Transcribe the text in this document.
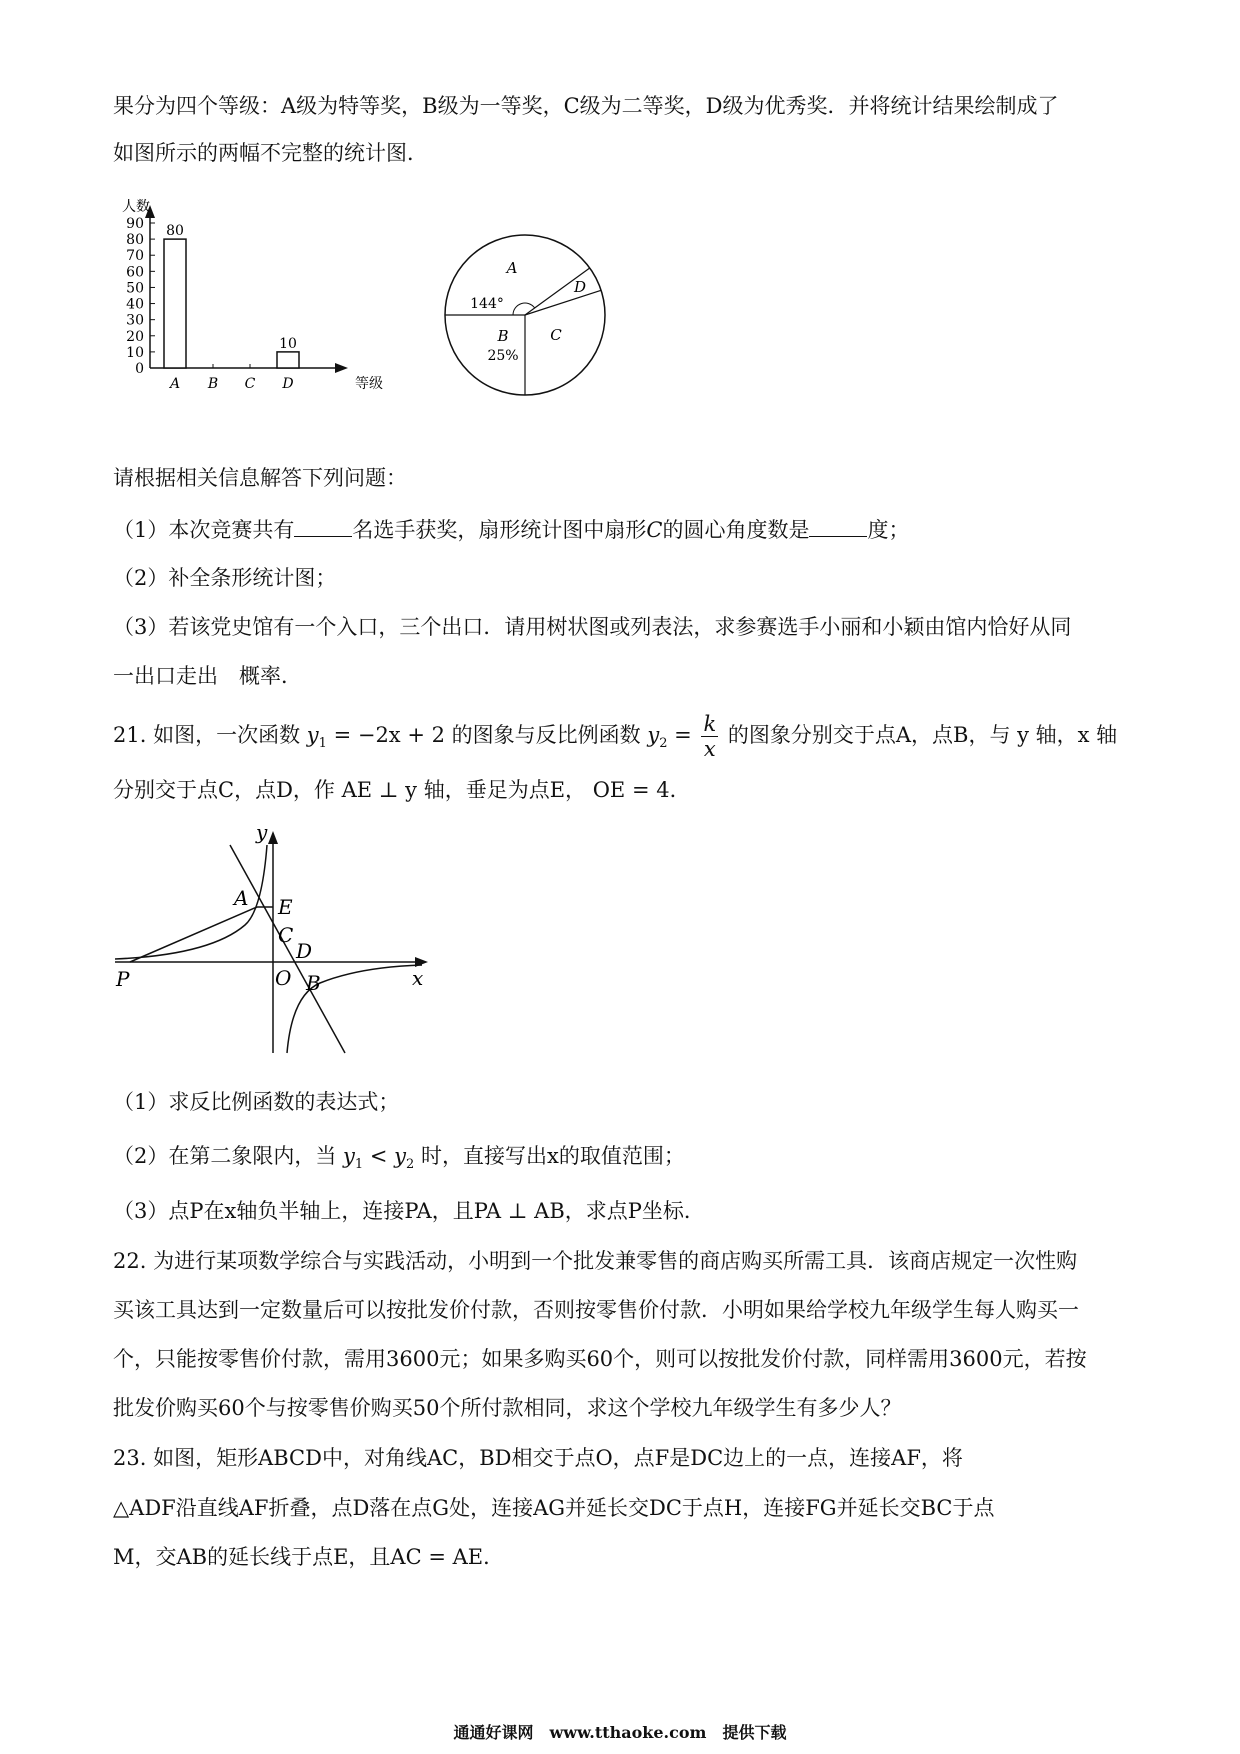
果分为四个等级：A级为特等奖，B级为一等奖，C级为二等奖，D级为优秀奖．并将统计结果绘制成了
如图所示的两幅不完整的统计图．
0
10
20
30
40
50
60
70
80
90
人数
等级
A
80
B C D
10
A
B	C
D
144°
25%
请根据相关信息解答下列问题：
（1）本次竞赛共有	名选手获奖，扇形统计图中扇形C的圆心角度数是	度；
（2）补全条形统计图；
（3）若该党史馆有一个入口，三个出口．请用树状图或列表法，求参赛选手小丽和小颖由馆内恰好从同
一出口走出　概率．
21. 如图，一次函数 $y_1 = -2x + 2$ 的图象与反比例函数 $y_2 = \frac{k}{x}$ 的图象分别交于点A，点B，与 y 轴，x 轴
分别交于点C，点D，作 AE ⊥ y 轴，垂足为点E， OE = 4．
y
x
A E
C
D
P	O B
（1）求反比例函数的表达式；
（2）在第二象限内，当 $y_1 < y_2$ 时，直接写出x的取值范围；
（3）点P在x轴负半轴上，连接PA，且PA ⊥ AB，求点P坐标．
22. 为进行某项数学综合与实践活动，小明到一个批发兼零售的商店购买所需工具．该商店规定一次性购
买该工具达到一定数量后可以按批发价付款，否则按零售价付款．小明如果给学校九年级学生每人购买一
个，只能按零售价付款，需用3600元；如果多购买60个，则可以按批发价付款，同样需用3600元，若按
批发价购买60个与按零售价购买50个所付款相同，求这个学校九年级学生有多少人？
23. 如图，矩形ABCD中，对角线AC，BD相交于点O，点F是DC边上的一点，连接AF，将
△ADF沿直线AF折叠，点D落在点G处，连接AG并延长交DC于点H，连接FG并延长交BC于点
M，交AB的延长线于点E，且AC = AE．
通通好课网　www.tthaoke.com　提供下载
